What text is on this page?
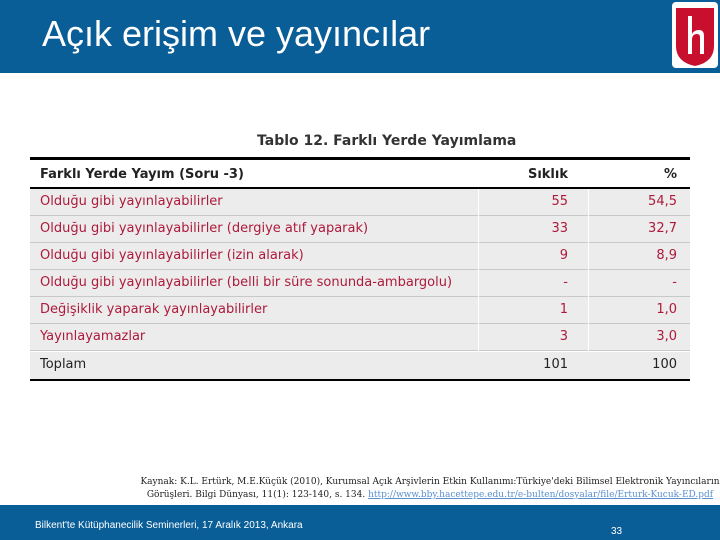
Açık erişim ve yayıncılar
Tablo 12. Farklı Yerde Yayımlama
Farklı Yerde Yayım (Soru -3)	Sıklık	%
Olduğu gibi yayınlayabilirler	55	54,5
Olduğu gibi yayınlayabilirler (dergiye atıf yaparak)	33	32,7
Olduğu gibi yayınlayabilirler (izin alarak)	9	8,9
Olduğu gibi yayınlayabilirler (belli bir süre sonunda-ambargolu)	-	-
Değişiklik yaparak yayınlayabilirler	1	1,0
Yayınlayamazlar	3	3,0
Toplam	101	100
Kaynak: K.L. Ertürk, M.E.Küçük (2010), Kurumsal Açık Arşivlerin Etkin Kullanımı:Türkiye'deki Bilimsel Elektronik Yayıncıların Görüşleri. Bilgi Dünyası, 11(1): 123-140, s. 134. http://www.bby.hacettepe.edu.tr/e-bulten/dosyalar/file/Erturk-Kucuk-ED.pdf
Bilkent'te Kütüphanecilik Seminerleri, 17 Aralık 2013, Ankara
33
